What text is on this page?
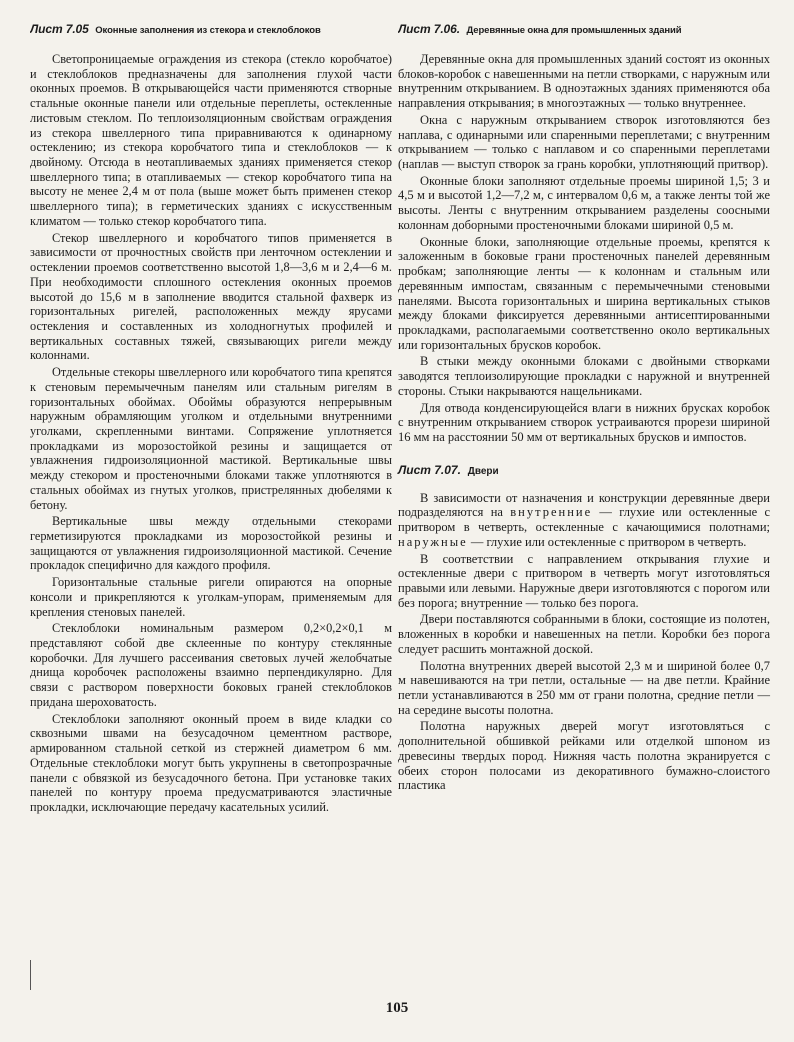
Лист 7.05 Оконные заполнения из стекора и стеклоблоков

Светопроницаемые ограждения из стекора (стекло коробчатое) и стеклоблоков предназначены для заполнения глухой части оконных проемов. В открывающейся части применяются створные стальные оконные панели или отдельные переплеты, остекленные листовым стеклом. По теплоизоляционным свойствам ограждения из стекора швеллерного типа приравниваются к одинарному остеклению; из стекора коробчатого типа и стеклоблоков — к двойному. Отсюда в неотапливаемых зданиях применяется стекор швеллерного типа; в отапливаемых — стекор коробчатого типа на высоту не менее 2,4 м от пола (выше может быть применен стекор швеллерного типа); в герметических зданиях с искусственным климатом — только стекор коробчатого типа.

Стекор швеллерного и коробчатого типов применяется в зависимости от прочностных свойств при ленточном остеклении и остеклении проемов соответственно высотой 1,8—3,6 м и 2,4—6 м. При необходимости сплошного остекления оконных проемов высотой до 15,6 м в заполнение вводится стальной фахверк из горизонтальных ригелей, расположенных между ярусами остекления и составленных из холодногнутых профилей и вертикальных составных тяжей, связывающих ригели между колоннами.

Отдельные стекоры швеллерного или коробчатого типа крепятся к стеновым перемычечным панелям или стальным ригелям в горизонтальных обоймах. Обоймы образуются непрерывным наружным обрамляющим уголком и отдельными внутренними уголками, скрепленными винтами. Сопряжение уплотняется прокладками из морозостойкой резины и защищается от увлажнения гидроизоляционной мастикой. Вертикальные швы между стекором и простеночными блоками также уплотняются в стальных обоймах из гнутых уголков, пристрелянных дюбелями к бетону.

Вертикальные швы между отдельными стекорами герметизируются прокладками из морозостойкой резины и защищаются от увлажнения гидроизоляционной мастикой. Сечение прокладок специфично для каждого профиля.

Горизонтальные стальные ригели опираются на опорные консоли и прикрепляются к уголкам-упорам, применяемым для крепления стеновых панелей.

Стеклоблоки номинальным размером 0,2×0,2×0,1 м представляют собой две склеенные по контуру стеклянные коробочки. Для лучшего рассеивания световых лучей желобчатые днища коробочек расположены взаимно перпендикулярно. Для связи с раствором поверхности боковых граней стеклоблоков придана шероховатость.

Стеклоблоки заполняют оконный проем в виде кладки со сквозными швами на безусадочном цементном растворе, армированном стальной сеткой из стержней диаметром 6 мм. Отдельные стеклоблоки могут быть укрупнены в светопрозрачные панели с обвязкой из безусадочного бетона. При установке таких панелей по контуру проема предусматриваются эластичные прокладки, исключающие передачу касательных усилий.

Лист 7.06. Деревянные окна для промышленных зданий

Деревянные окна для промышленных зданий состоят из оконных блоков-коробок с навешенными на петли створками, с наружным или внутренним открыванием. В одноэтажных зданиях применяются оба направления открывания; в многоэтажных — только внутреннее.

Окна с наружным открыванием створок изготовляются без наплава, с одинарными или спаренными переплетами; с внутренним открыванием — только с наплавом и со спаренными переплетами (наплав — выступ створок за грань коробки, уплотняющий притвор).

Оконные блоки заполняют отдельные проемы шириной 1,5; 3 и 4,5 м и высотой 1,2—7,2 м, с интервалом 0,6 м, а также ленты той же высоты. Ленты с внутренним открыванием разделены соосными колоннам доборными простеночными блоками шириной 0,5 м.

Оконные блоки, заполняющие отдельные проемы, крепятся к заложенным в боковые грани простеночных панелей деревянным пробкам; заполняющие ленты — к колоннам и стальным или деревянным импостам, связанным с перемычечными стеновыми панелями. Высота горизонтальных и ширина вертикальных стыков между блоками фиксируется деревянными антисептированными прокладками, располагаемыми соответственно около вертикальных или горизонтальных брусков коробок.

В стыки между оконными блоками с двойными створками заводятся теплоизолирующие прокладки с наружной и внутренней стороны. Стыки накрываются нащельниками.

Для отвода конденсирующейся влаги в нижних брусках коробок с внутренним открыванием створок устраиваются прорези шириной 16 мм на расстоянии 50 мм от вертикальных брусков и импостов.

Лист 7.07. Двери

В зависимости от назначения и конструкции деревянные двери подразделяются на внутренние — глухие или остекленные с притвором в четверть, остекленные с качающимися полотнами; наружные — глухие или остекленные с притвором в четверть.

В соответствии с направлением открывания глухие и остекленные двери с притвором в четверть могут изготовляться правыми или левыми. Наружные двери изготовляются с порогом или без порога; внутренние — только без порога.

Двери поставляются собранными в блоки, состоящие из полотен, вложенных в коробки и навешенных на петли. Коробки без порога следует расшить монтажной доской.

Полотна внутренних дверей высотой 2,3 м и шириной более 0,7 м навешиваются на три петли, остальные — на две петли. Крайние петли устанавливаются в 250 мм от грани полотна, средние петли — на середине высоты полотна.

Полотна наружных дверей могут изготовляться с дополнительной обшивкой рейками или отделкой шпоном из древесины твердых пород. Нижняя часть полотна экранируется с обеих сторон полосами из декоративного бумажно-слоистого пластика

105
